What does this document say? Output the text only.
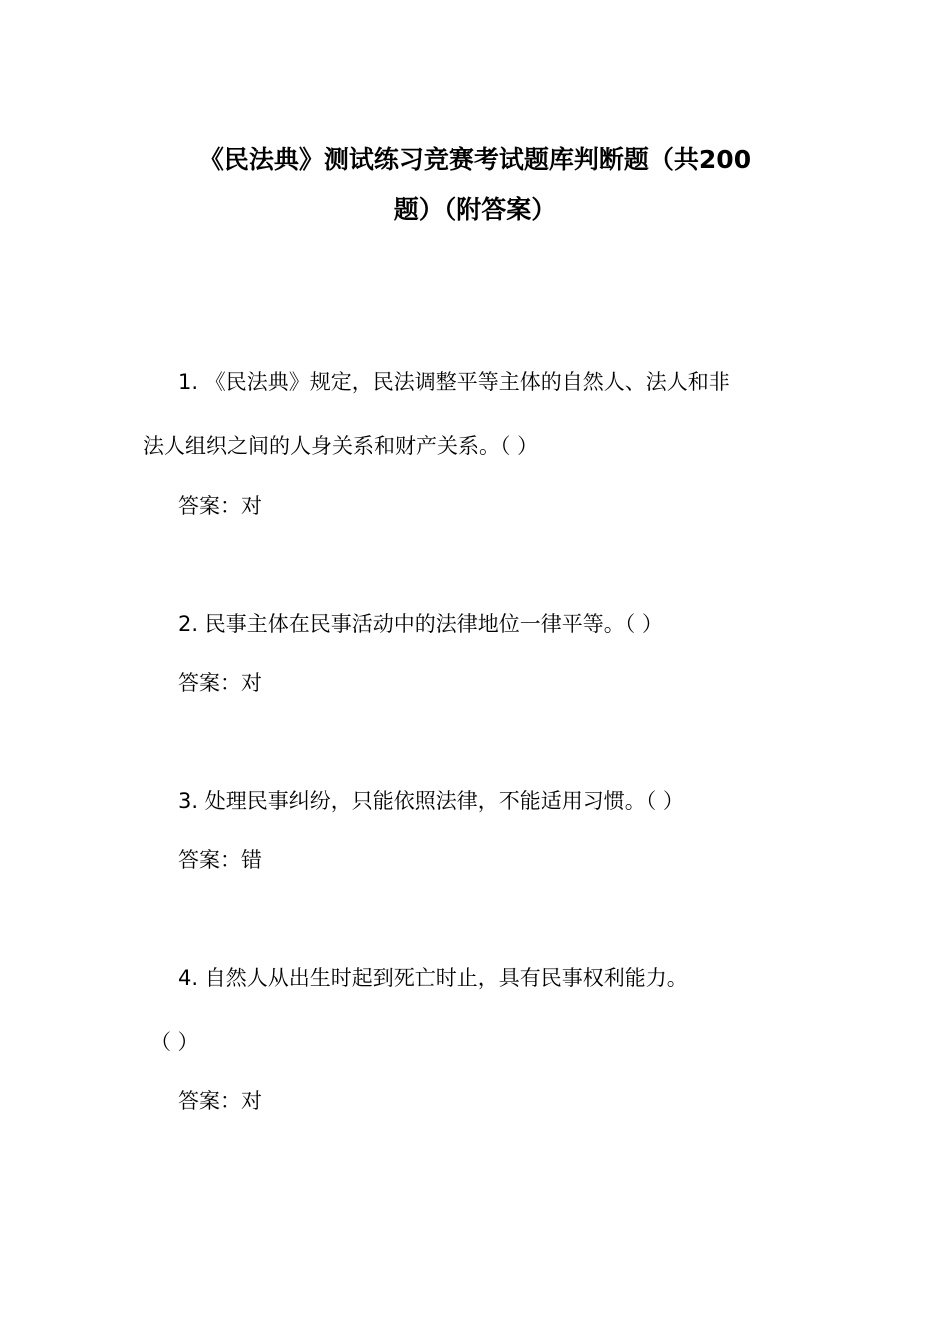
《民法典》测试练习竞赛考试题库判断题（共200
题）（附答案）

1. 《民法典》规定，民法调整平等主体的自然人、法人和非

法人组织之间的人身关系和财产关系。（ ）

答案：对

2. 民事主体在民事活动中的法律地位一律平等。（ ）

答案：对

3. 处理民事纠纷，只能依照法律，不能适用习惯。（ ）

答案：错

4. 自然人从出生时起到死亡时止，具有民事权利能力。

（ ）

答案：对
